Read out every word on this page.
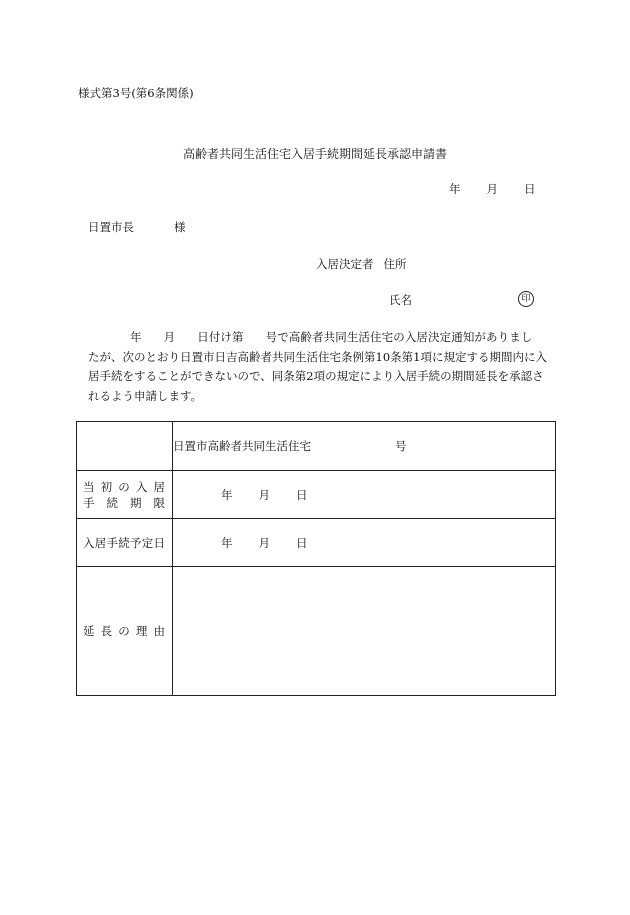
様式第3号(第6条関係)
高齢者共同生活住宅入居手続期間延長承認申請書
年 月 日
日置市長	様
入居決定者 住所
氏名	印
年 月 日付け第 号で高齢者共同生活住宅の入居決定通知がありまし
たが、次のとおり日置市日吉高齢者共同生活住宅条例第10条第1項に規定する期間内に入
居手続をすることができないので、同条第2項の規定により入居手続の期間延長を承認さ
れるよう申請します。
	日置市高齢者共同生活住宅 号

当初の入居
手続期限	年 月 日

入居手続予定日	年 月 日

延長の理由	
